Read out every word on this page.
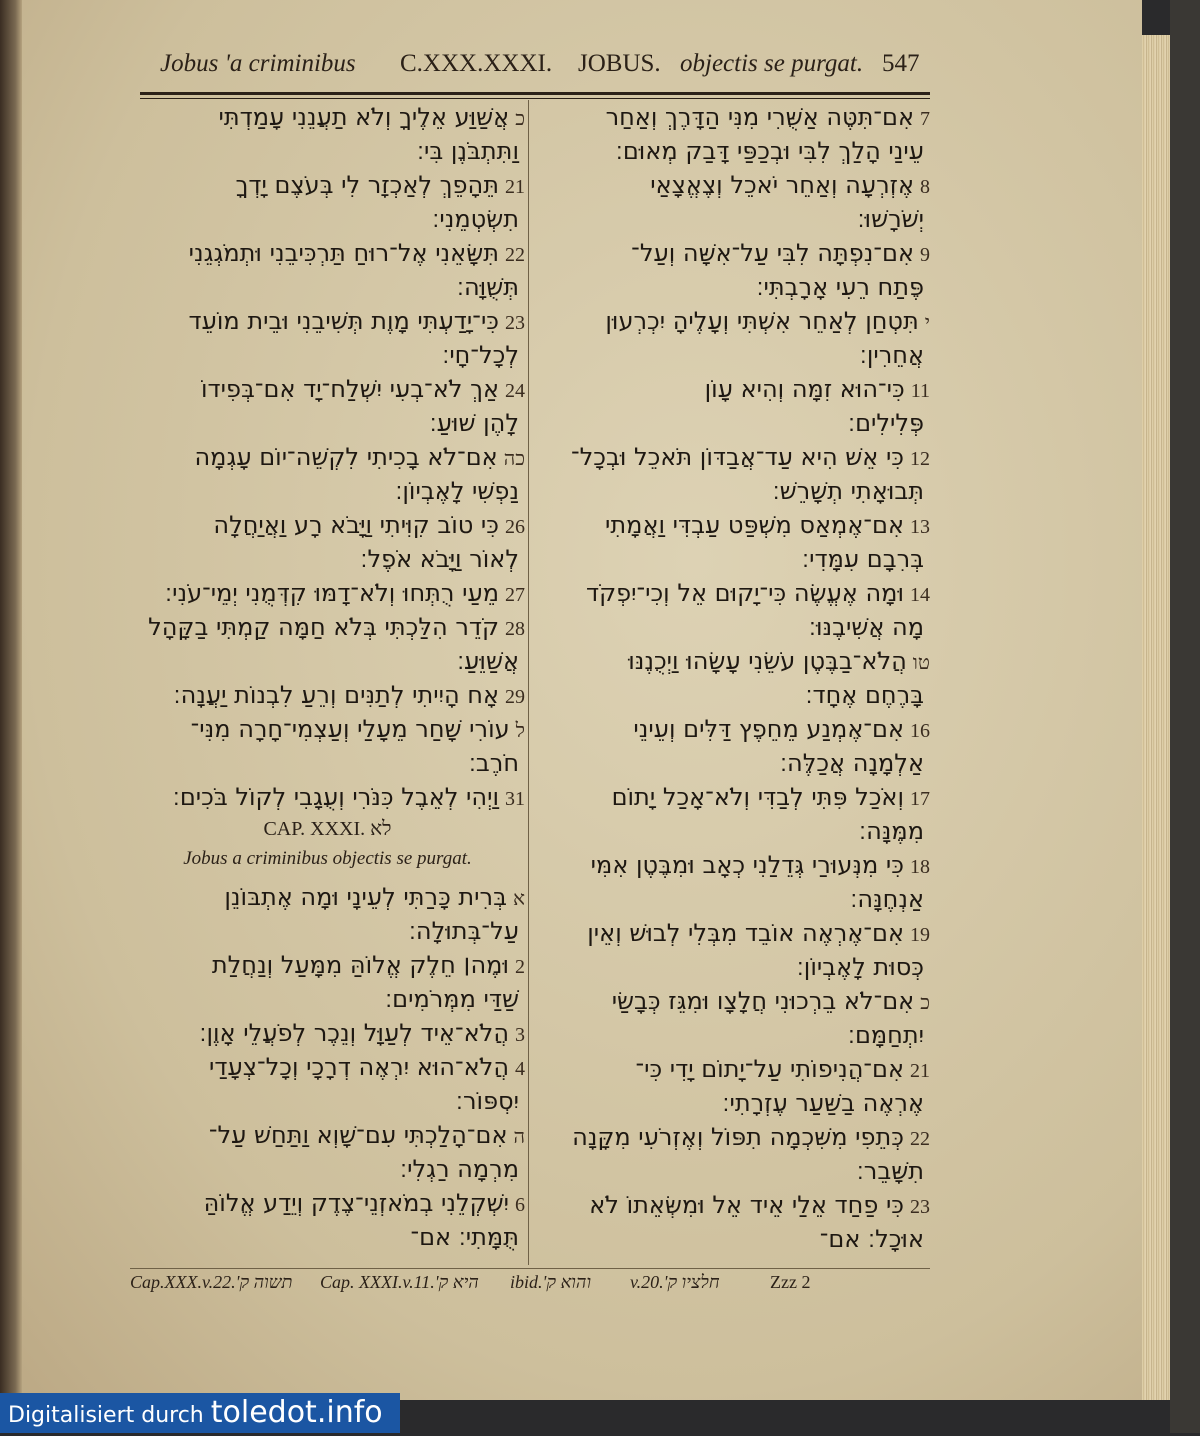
Jobus 'a criminibus C.XXX.XXXI. JOBUS. objectis se purgat. 547
אִם־תִּטֶּה אַשֻּׁרִי מִנִּי הַדָּרֶךְ וְאַחַר 7
עֵינַי הָלַךְ לִבִּי וּבְכַפַּי דָּבַק מְאוּם׃
אֶזְרְעָה וְאַחֵר יֹאכֵל וְצֶאֱצָאַי 8
יְשֹׁרָשׁוּ׃
אִם־נִפְתָּה לִבִּי עַל־אִשָּׁה וְעַל־ 9
פֶּתַח רֵעִי אָרָבְתִּי׃
תִּטְחַן לְאַחֵר אִשְׁתִּי וְעָלֶיהָ יִכְרְעוּן י
אֲחֵרִין׃
כִּי־הוּא זִמָּה וְהִיא עָוֹן 11
פְּלִילִים׃
כִּי אֵשׁ הִיא עַד־אֲבַדּוֹן תֹּאכֵל וּבְכָל־ 12
תְּבוּאָתִי תְשָׁרֵשׁ׃
אִם־אֶמְאַס מִשְׁפַּט עַבְדִּי וַאֲמָתִי 13
בְּרִבָם עִמָּדִי׃
וּמָה אֶעֱשֶׂה כִּי־יָקוּם אֵל וְכִי־יִפְקֹד 14
מָה אֲשִׁיבֶנּוּ׃
הֲלֹא־בַבֶּטֶן עֹשֵׂנִי עָשָׂהוּ וַיְכֻנֶנּוּ טו
בָּרֶחֶם אֶחָד׃
אִם־אֶמְנַע מֵחֵפֶץ דַּלִּים וְעֵינֵי 16
אַלְמָנָה אֲכַלֶּה׃
וְאֹכַל פִּתִּי לְבַדִּי וְלֹא־אָכַל יָתוֹם 17
מִמֶּנָּה׃
כִּי מִנְּעוּרַי גְּדֵלַנִי כְאָב וּמִבֶּטֶן אִמִּי 18
אַנְחֶנָּה׃
אִם־אֶרְאֶה אוֹבֵד מִבְּלִי לְבוּשׁ וְאֵין 19
כְּסוּת לָאֶבְיוֹן׃
אִם־לֹא בֵרְכוּנִי חֲלָצָו וּמִגֵּז כְּבָשַׂי כ
יִתְחַמָּם׃
אִם־הֲנִיפוֹתִי עַל־יָתוֹם יָדִי כִּי־ 21
אֶרְאֶה בַשַּׁעַר עֶזְרָתִי׃
כְּתֵפִי מִשִּׁכְמָה תִפּוֹל וְאֶזְרֹעִי מִקָּנָה 22
תִשָּׁבֵר׃
כִּי פַחַד אֵלַי אֵיד אֵל וּמִשְּׂאֵתוֹ לֹא 23
אוּכָל׃ אם־
אֲשַׁוַּע אֵלֶיךָ וְלֹא תַעֲנֵנִי עָמַדְתִּי כ
וַתִּתְבֹּנֶן בִּי׃
תֵּהָפֵךְ לְאַכְזָר לִי בְּעֹצֶם יָדְךָ 21
תִשְׂטְמֵנִי׃
תִּשָּׂאֵנִי אֶל־רוּחַ תַּרְכִּיבֵנִי וּתְמֹגְגֵנִי 22
תְּשֻׁוָּה׃
כִּי־יָדַעְתִּי מָוֶת תְּשִׁיבֵנִי וּבֵית מוֹעֵד 23
לְכָל־חָי׃
אַךְ לֹא־בְעִי יִשְׁלַח־יָד אִם־בְּפִידוֹ 24
לָהֶן שׁוּעַ׃
אִם־לֹא בָכִיתִי לִקְשֵׁה־יוֹם עָגְמָה כה
נַפְשִׁי לָאֶבְיוֹן׃
כִּי טוֹב קִוִּיתִי וַיָּבֹא רָע וַאֲיַחֲלָה 26
לְאוֹר וַיָּבֹא אֹפֶל׃
מֵעַי רֻתְּחוּ וְלֹא־דָמּוּ קִדְּמֻנִי יְמֵי־עֹנִי׃ 27
קֹדֵר הִלַּכְתִּי בְּלֹא חַמָּה קַמְתִּי בַקָּהָל 28
אֲשַׁוֵּעַ׃
אָח הָיִיתִי לְתַנִּים וְרֵעַ לִבְנוֹת יַעֲנָה׃ 29
עוֹרִי שָׁחַר מֵעָלַי וְעַצְמִי־חָרָה מִנִּי־ ל
חֹרֶב׃
וַיְהִי לְאֵבֶל כִּנֹּרִי וְעֻגָבִי לְקוֹל בֹּכִים׃ 31
CAP. XXXI. לא
Jobus a criminibus objectis se purgat.
בְּרִית כָּרַתִּי לְעֵינָי וּמָה אֶתְבּוֹנֵן א
עַל־בְּתוּלָה׃
וּמֶה׀ חֵלֶק אֱלוֹהַּ מִמָּעַל וְנַחֲלַת 2
שַׁדַּי מִמְּרֹמִים׃
הֲלֹא־אֵיד לְעַוָּל וְנֵכֶר לְפֹעֲלֵי אָוֶן׃ 3
הֲלֹא־הוּא יִרְאֶה דְרָכָי וְכָל־צְעָדַי 4
יִסְפּוֹר׃
אִם־הָלַכְתִּי עִם־שָׁוְא וַתַּחַשׁ עַל־ ה
מִרְמָה רַגְלִי׃
יִשְׁקְלֵנִי בְמֹאזְנֵי־צֶדֶק וְיֵדַע אֱלוֹהַּ 6
תֻּמָּתִי׃ אם־
Cap.XXX.v.22.'תשוה ק Cap. XXXI.v.11.'היא ק ibid.'והוא ק v.20.'חלציו ק	Zzz 2
Digitalisiert durch toledot.info
